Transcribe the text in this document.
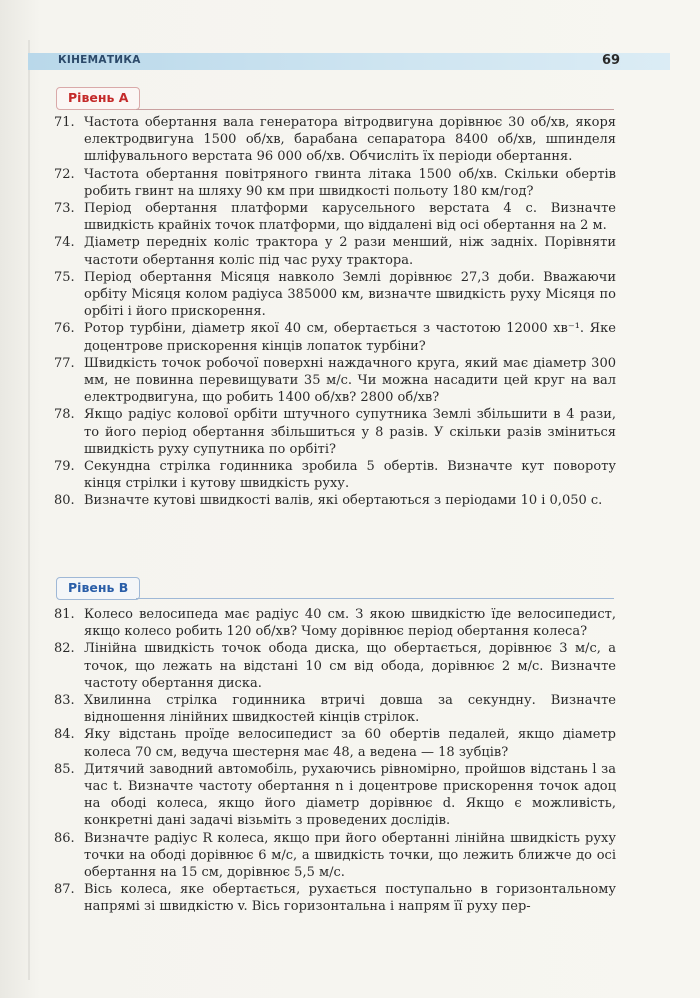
КІНЕМАТИКА	69
Рівень А
71. Частота обертання вала генератора вітродвигуна дорівнює 30 об/хв, якоря електродвигуна 1500 об/хв, барабана сепаратора 8400 об/хв, шпинделя шліфувального верстата 96 000 об/хв. Обчисліть їх періоди обертання.
72. Частота обертання повітряного гвинта літака 1500 об/хв. Скільки обертів робить гвинт на шляху 90 км при швидкості польоту 180 км/год?
73. Період обертання платформи карусельного верстата 4 с. Визначте швидкість крайніх точок платформи, що віддалені від осі обертання на 2 м.
74. Діаметр передніх коліс трактора у 2 рази менший, ніж задніх. Порівняти частоти обертання коліс під час руху трактора.
75. Період обертання Місяця навколо Землі дорівнює 27,3 доби. Вважаючи орбіту Місяця колом радіуса 385000 км, визначте швидкість руху Місяця по орбіті і його прискорення.
76. Ротор турбіни, діаметр якої 40 см, обертається з частотою 12000 хв⁻¹. Яке доцентрове прискорення кінців лопаток турбіни?
77. Швидкість точок робочої поверхні наждачного круга, який має діаметр 300 мм, не повинна перевищувати 35 м/с. Чи можна насадити цей круг на вал електродвигуна, що робить 1400 об/хв? 2800 об/хв?
78. Якщо радіус колової орбіти штучного супутника Землі збільшити в 4 рази, то його період обертання збільшиться у 8 разів. У скільки разів зміниться швидкість руху супутника по орбіті?
79. Секундна стрілка годинника зробила 5 обертів. Визначте кут повороту кінця стрілки і кутову швидкість руху.
80. Визначте кутові швидкості валів, які обертаються з періодами 10 і 0,050 с.
Рівень В
81. Колесо велосипеда має радіус 40 см. З якою швидкістю їде велосипедист, якщо колесо робить 120 об/хв? Чому дорівнює період обертання колеса?
82. Лінійна швидкість точок обода диска, що обертається, дорівнює 3 м/с, а точок, що лежать на відстані 10 см від обода, дорівнює 2 м/с. Визначте частоту обертання диска.
83. Хвилинна стрілка годинника втричі довша за секундну. Визначте відношення лінійних швидкостей кінців стрілок.
84. Яку відстань проїде велосипедист за 60 обертів педалей, якщо діаметр колеса 70 см, ведуча шестерня має 48, а ведена — 18 зубців?
85. Дитячий заводний автомобіль, рухаючись рівномірно, пройшов відстань l за час t. Визначте частоту обертання n і доцентрове прискорення точок aдоц на ободі колеса, якщо його діаметр дорівнює d. Якщо є можливість, конкретні дані задачі візьміть з проведених дослідів.
86. Визначте радіус R колеса, якщо при його обертанні лінійна швидкість руху точки на ободі дорівнює 6 м/с, а швидкість точки, що лежить ближче до осі обертання на 15 см, дорівнює 5,5 м/с.
87. Вісь колеса, яке обертається, рухається поступально в горизонтальному напрямі зі швидкістю v. Вісь горизонтальна і напрям її руху пер-
